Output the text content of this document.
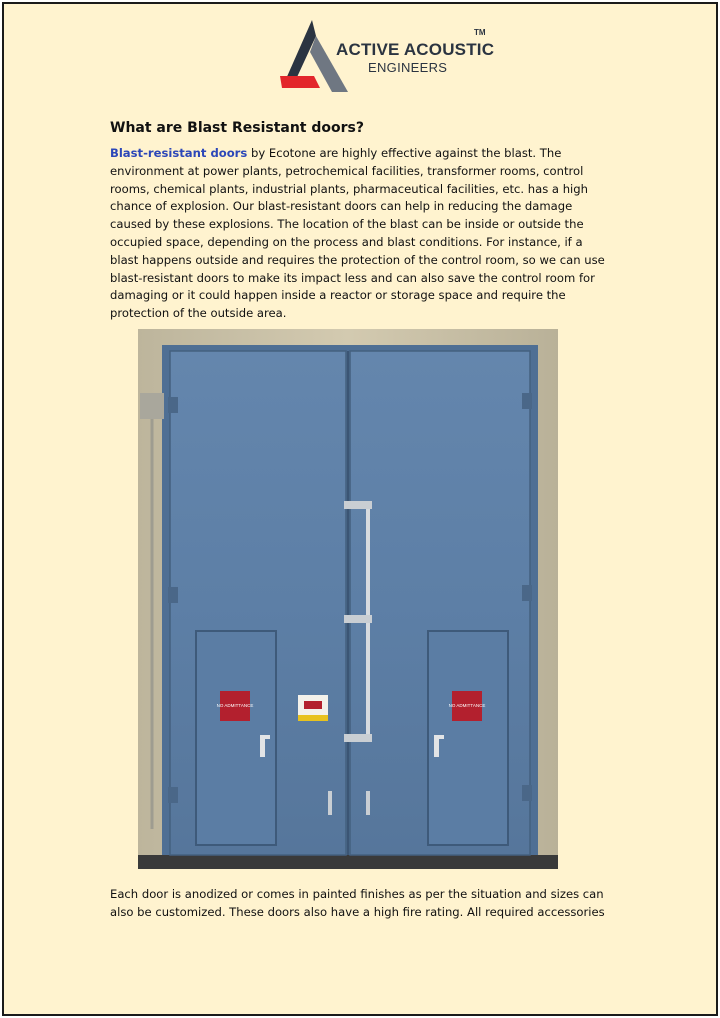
TM
ACTIVE ACOUSTIC
ENGINEERS
What are Blast Resistant doors?

Blast-resistant doors by Ecotone are highly effective against the blast. The environment at power plants, petrochemical facilities, transformer rooms, control rooms, chemical plants, industrial plants, pharmaceutical facilities, etc. has a high chance of explosion. Our blast-resistant doors can help in reducing the damage caused by these explosions. The location of the blast can be inside or outside the occupied space, depending on the process and blast conditions. For instance, if a blast happens outside and requires the protection of the control room, so we can use blast-resistant doors to make its impact less and can also save the control room for damaging or it could happen inside a reactor or storage space and require the protection of the outside area.

NO ADMITTANCE	NO ADMITTANCE

Each door is anodized or comes in painted finishes as per the situation and sizes can also be customized. These doors also have a high fire rating. All required accessories
